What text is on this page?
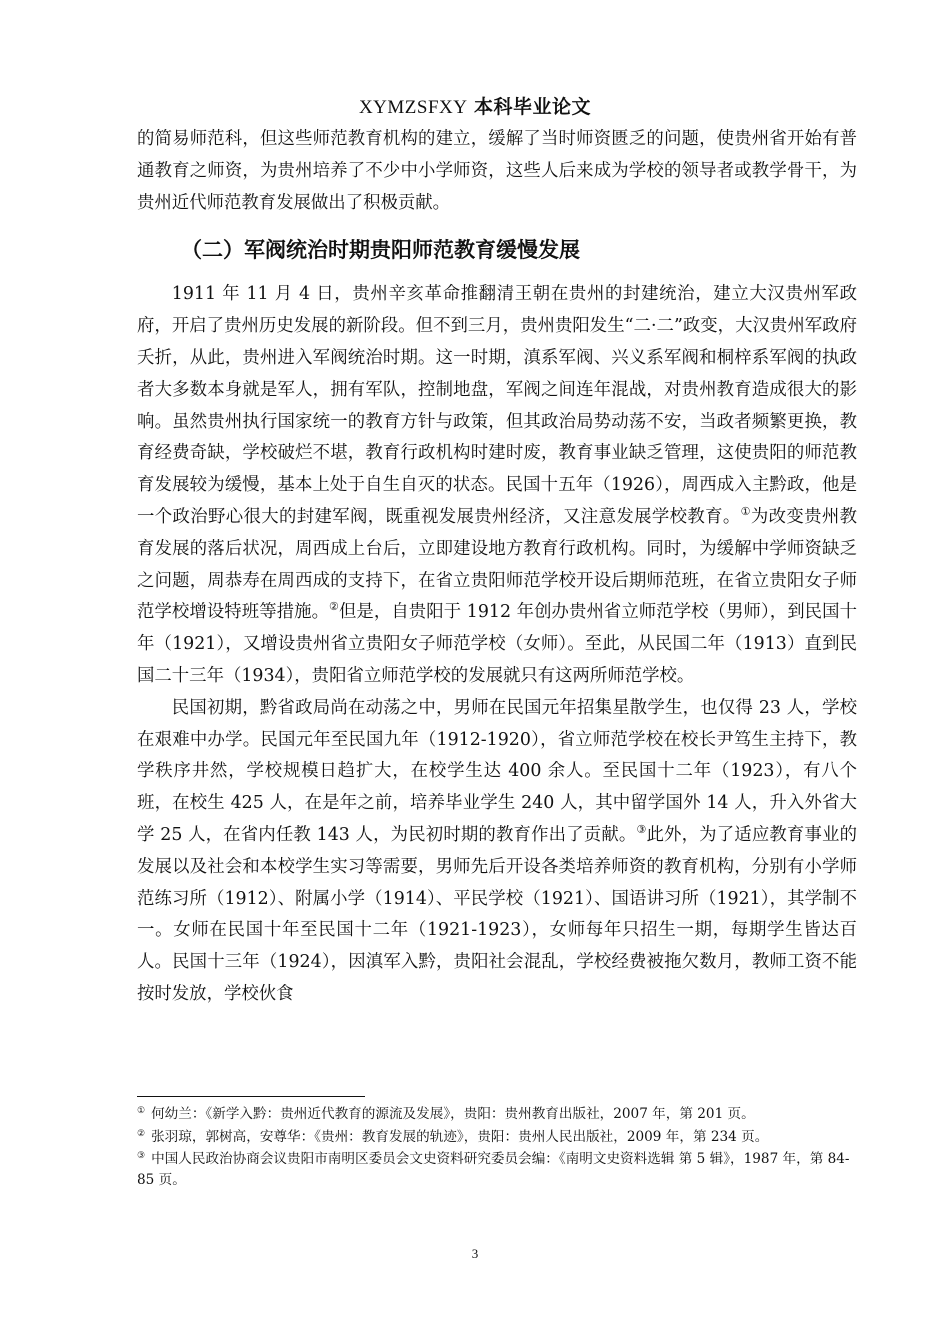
XYMZSFXY 本科毕业论文

的简易师范科，但这些师范教育机构的建立，缓解了当时师资匮乏的问题，使贵州省开始有普通教育之师资，为贵州培养了不少中小学师资，这些人后来成为学校的领导者或教学骨干，为贵州近代师范教育发展做出了积极贡献。

（二）军阀统治时期贵阳师范教育缓慢发展

1911 年 11 月 4 日，贵州辛亥革命推翻清王朝在贵州的封建统治，建立大汉贵州军政府，开启了贵州历史发展的新阶段。但不到三月，贵州贵阳发生“二·二”政变，大汉贵州军政府夭折，从此，贵州进入军阀统治时期。这一时期，滇系军阀、兴义系军阀和桐梓系军阀的执政者大多数本身就是军人，拥有军队，控制地盘，军阀之间连年混战，对贵州教育造成很大的影响。虽然贵州执行国家统一的教育方针与政策，但其政治局势动荡不安，当政者频繁更换，教育经费奇缺，学校破烂不堪，教育行政机构时建时废，教育事业缺乏管理，这使贵阳的师范教育发展较为缓慢，基本上处于自生自灭的状态。民国十五年（1926），周西成入主黔政，他是一个政治野心很大的封建军阀，既重视发展贵州经济，又注意发展学校教育。①为改变贵州教育发展的落后状况，周西成上台后，立即建设地方教育行政机构。同时，为缓解中学师资缺乏之问题，周恭寿在周西成的支持下，在省立贵阳师范学校开设后期师范班，在省立贵阳女子师范学校增设特班等措施。②但是，自贵阳于 1912 年创办贵州省立师范学校（男师），到民国十年（1921），又增设贵州省立贵阳女子师范学校（女师）。至此，从民国二年（1913）直到民国二十三年（1934），贵阳省立师范学校的发展就只有这两所师范学校。

民国初期，黔省政局尚在动荡之中，男师在民国元年招集星散学生，也仅得 23 人，学校在艰难中办学。民国元年至民国九年（1912-1920），省立师范学校在校长尹笃生主持下，教学秩序井然，学校规模日趋扩大，在校学生达 400 余人。至民国十二年（1923），有八个班，在校生 425 人，在是年之前，培养毕业学生 240 人，其中留学国外 14 人，升入外省大学 25 人，在省内任教 143 人，为民初时期的教育作出了贡献。③此外，为了适应教育事业的发展以及社会和本校学生实习等需要，男师先后开设各类培养师资的教育机构，分别有小学师范练习所（1912）、附属小学（1914）、平民学校（1921）、国语讲习所（1921），其学制不一。女师在民国十年至民国十二年（1921-1923），女师每年只招生一期，每期学生皆达百人。民国十三年（1924），因滇军入黔，贵阳社会混乱，学校经费被拖欠数月，教师工资不能按时发放，学校伙食

① 何幼兰：《新学入黔：贵州近代教育的源流及发展》，贵阳：贵州教育出版社，2007 年，第 201 页。

② 张羽琼，郭树高，安尊华：《贵州：教育发展的轨迹》，贵阳：贵州人民出版社，2009 年，第 234 页。

③ 中国人民政治协商会议贵阳市南明区委员会文史资料研究委员会编：《南明文史资料选辑 第 5 辑》，1987 年，第 84-85 页。

3
